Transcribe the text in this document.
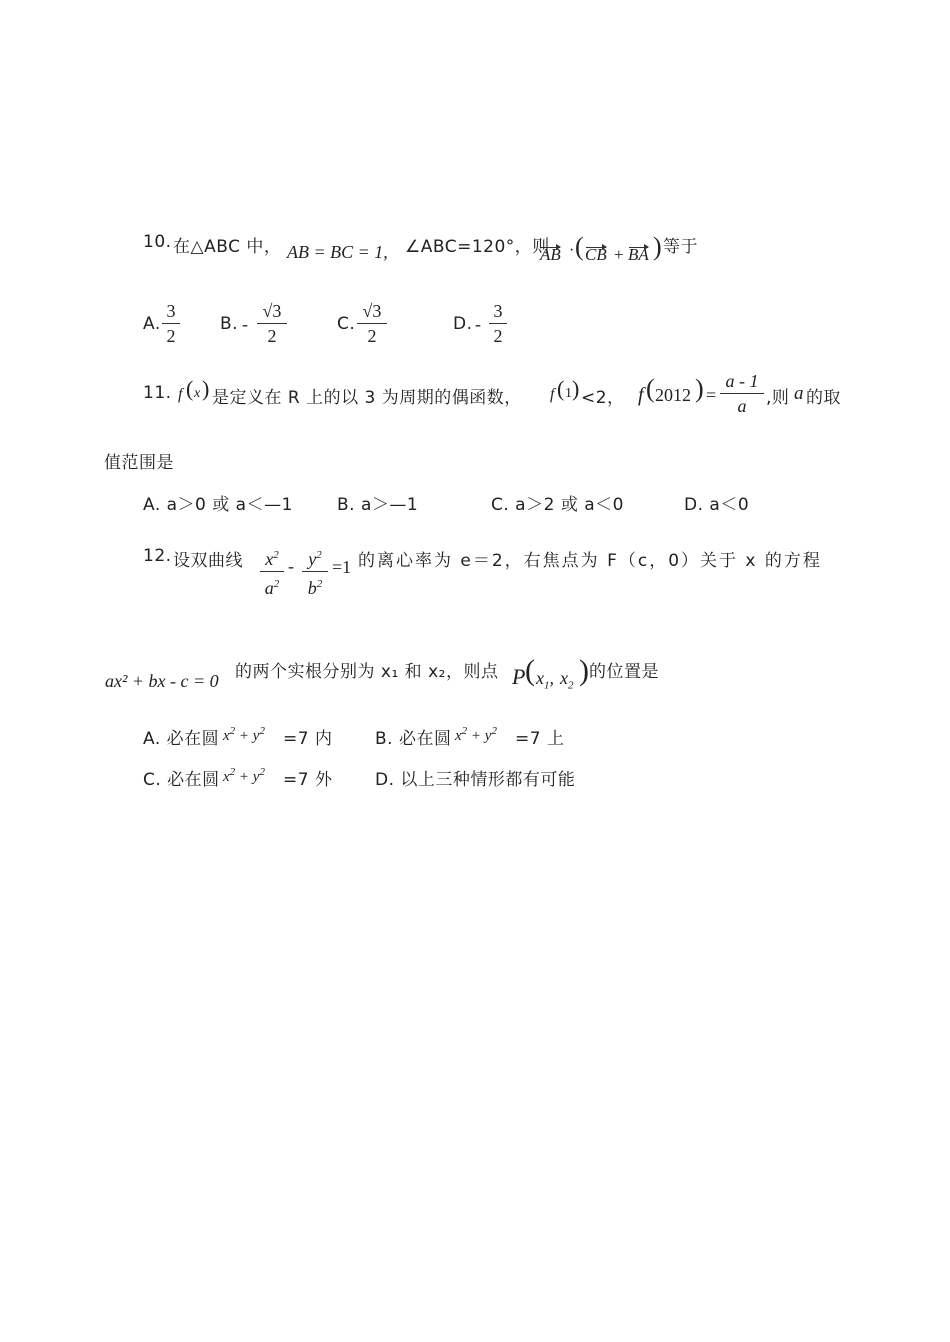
10. 在△ABC 中， AB = BC = 1, ∠ABC=120°，则
AB · ( CB + BA ) 等于
A.
3
2
B. -
√3
2
C.
√3
2
D. -
3
2
11. f ( x ) 是定义在 R 上的以 3 为周期的偶函数， f ( 1 ) <2， f ( 2012 ) =
a - 1
a	,则 a 的取
值范围是
A. a＞0 或 a＜—1	B. a＞—1	C. a＞2 或 a＜0	D. a＜0
12. 设双曲线 $x^2$
$a^2$
- $y^2$
$b^2$
=1 的离心率为 e＝2，右焦点为 F（c，0）关于 x 的方程
ax² + bx - c = 0 的两个实根分别为 x₁ 和 x₂，则点 P ( $x_1$, $x_2$ ) 的位置是
A. 必在圆 $x^2 + y^2 =7$ 内	B. 必在圆 $x^2 + y^2 =7$ 上
C. 必在圆 $x^2 + y^2 =7$ 外	D. 以上三种情形都有可能
